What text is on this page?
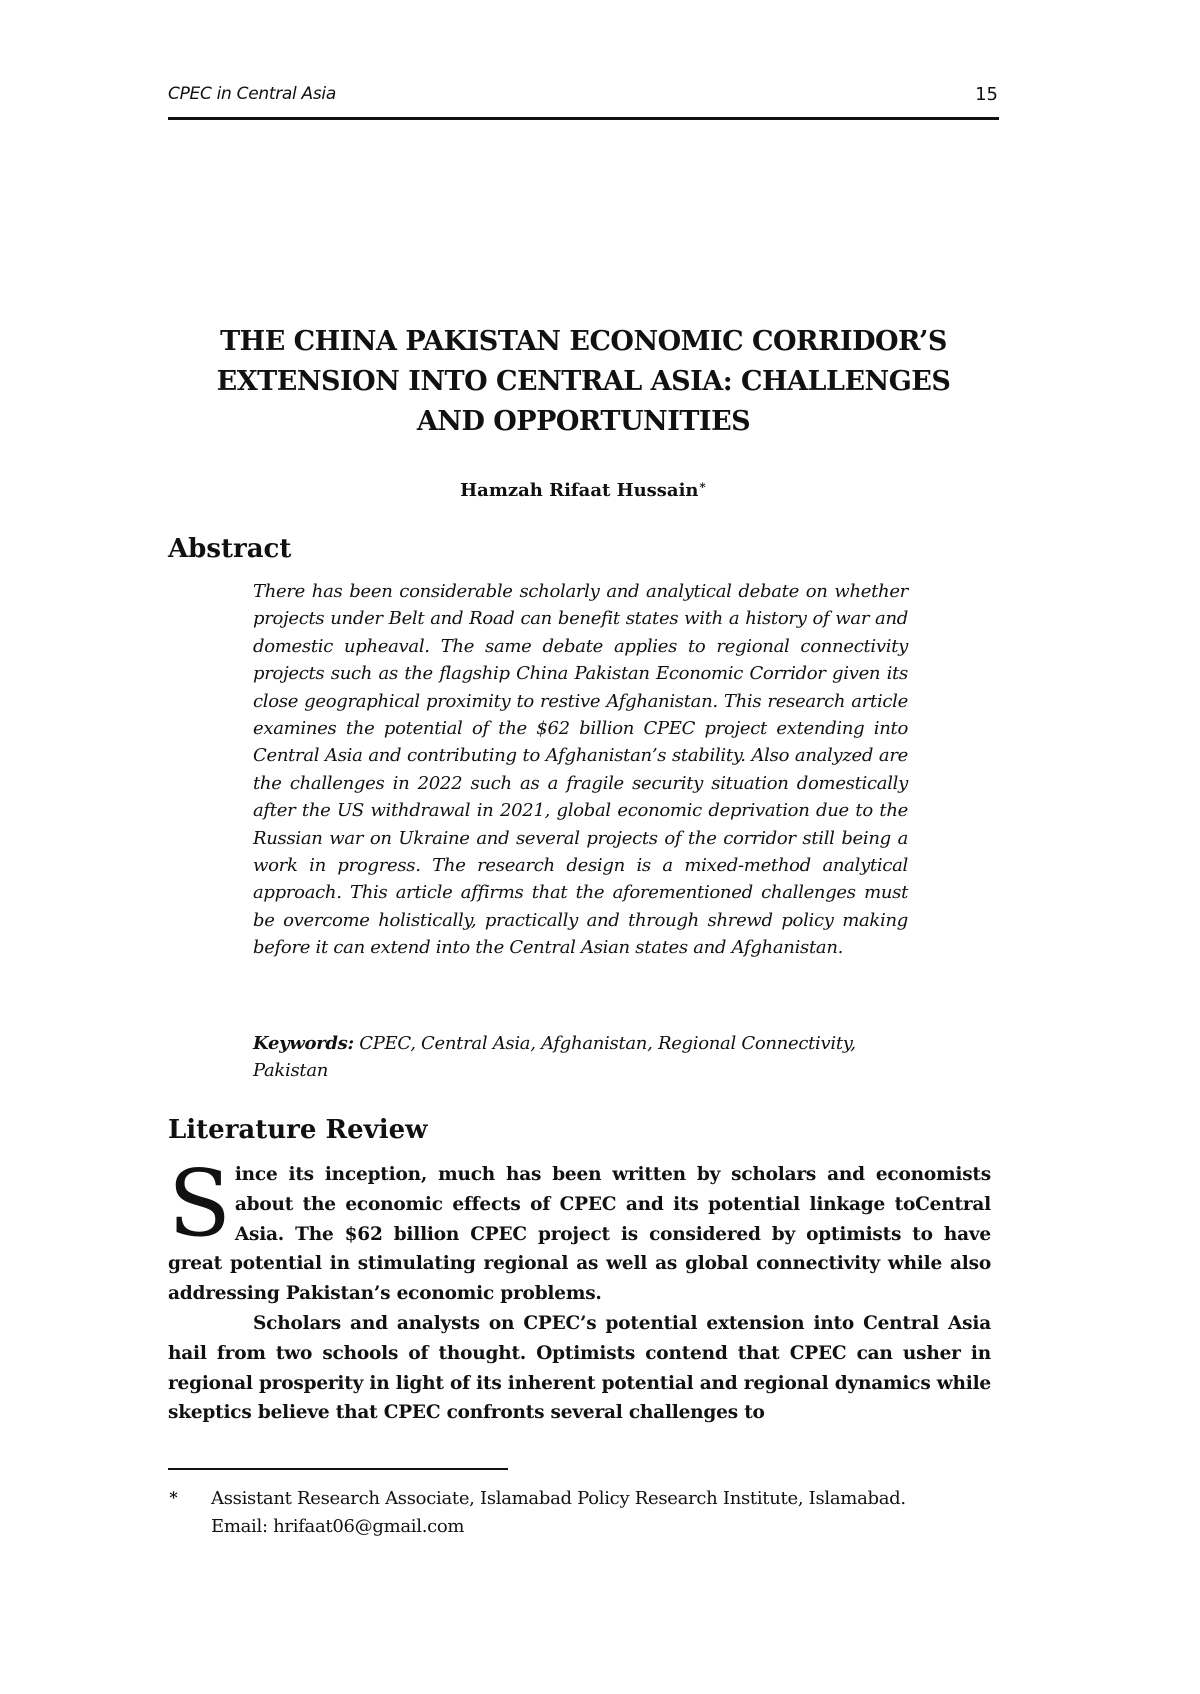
CPEC in Central Asia	15
THE CHINA PAKISTAN ECONOMIC CORRIDOR’S
EXTENSION INTO CENTRAL ASIA: CHALLENGES
AND OPPORTUNITIES
Hamzah Rifaat Hussain∗
Abstract

There has been considerable scholarly and analytical debate on whether projects under Belt and Road can benefit states with a history of war and domestic upheaval. The same debate applies to regional connectivity projects such as the flagship China Pakistan Economic Corridor given its close geographical proximity to restive Afghanistan. This research article examines the potential of the $62 billion CPEC project extending into Central Asia and contributing to Afghanistan’s stability. Also analyzed are the challenges in 2022 such as a fragile security situation domestically after the US withdrawal in 2021, global economic deprivation due to the Russian war on Ukraine and several projects of the corridor still being a work in progress. The research design is a mixed-method analytical approach. This article affirms that the aforementioned challenges must be overcome holistically, practically and through shrewd policy making before it can extend into the Central Asian states and Afghanistan.

Keywords: CPEC, Central Asia, Afghanistan, Regional Connectivity, Pakistan

Literature Review

Since its inception, much has been written by scholars and economists about the economic effects of CPEC and its potential linkage toCentral Asia. The $62 billion CPEC project is considered by optimists to have great potential in stimulating regional as well as global connectivity while also addressing Pakistan’s economic problems.

Scholars and analysts on CPEC’s potential extension into Central Asia hail from two schools of thought. Optimists contend that CPEC can usher in regional prosperity in light of its inherent potential and regional dynamics while skeptics believe that CPEC confronts several challenges to

∗ Assistant Research Associate, Islamabad Policy Research Institute, Islamabad.
Email: hrifaat06@gmail.com
